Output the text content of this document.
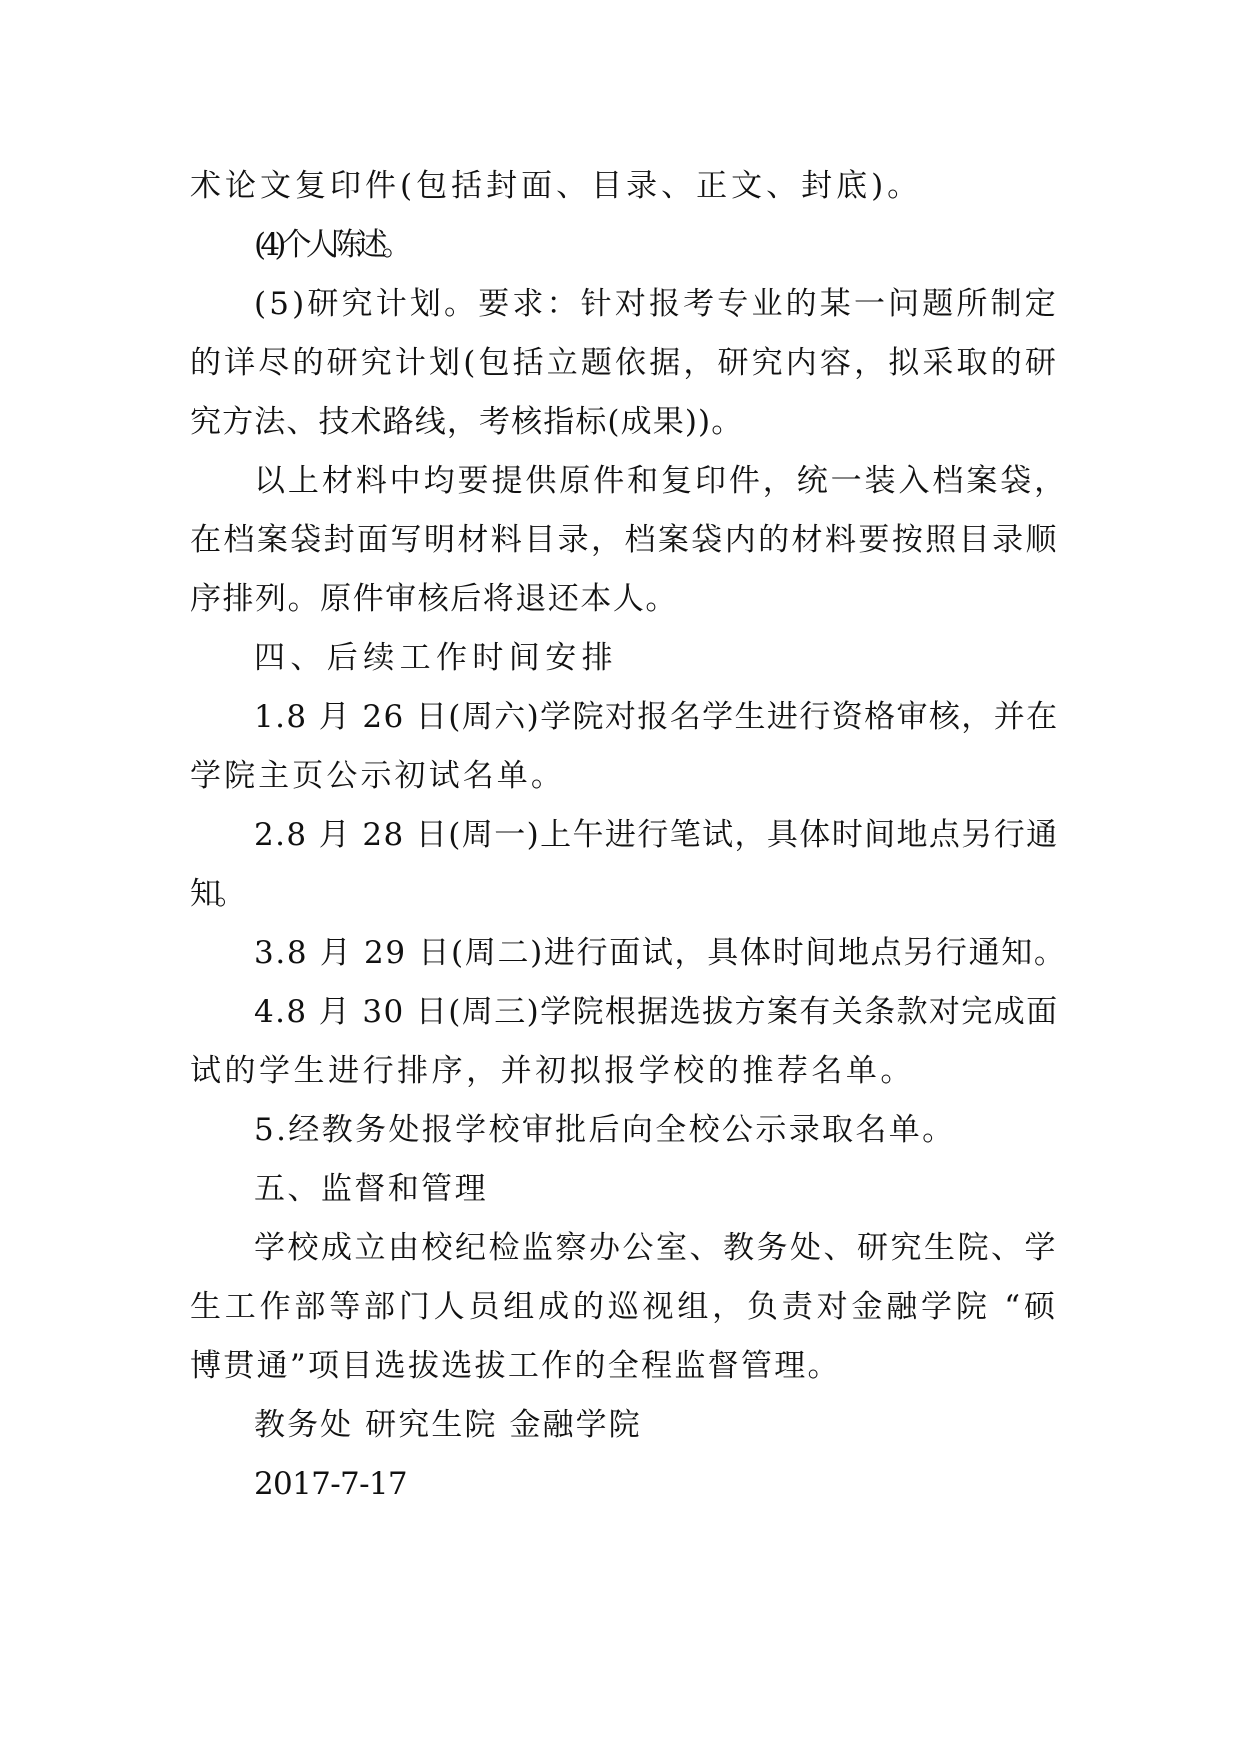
术论文复印件(包括封面、目录、正文、封底)。
(4)个人陈述。
(5)研究计划。要求：针对报考专业的某一问题所制定
的详尽的研究计划(包括立题依据，研究内容，拟采取的研
究方法、技术路线，考核指标(成果))。
以上材料中均要提供原件和复印件，统一装入档案袋，
在档案袋封面写明材料目录，档案袋内的材料要按照目录顺
序排列。原件审核后将退还本人。
四、后续工作时间安排
1.8 月 26 日(周六)学院对报名学生进行资格审核，并在
学院主页公示初试名单。
2.8 月 28 日(周一)上午进行笔试，具体时间地点另行通
知。
3.8 月 29 日(周二)进行面试，具体时间地点另行通知。
4.8 月 30 日(周三)学院根据选拔方案有关条款对完成面
试的学生进行排序，并初拟报学校的推荐名单。
5.经教务处报学校审批后向全校公示录取名单。
五、监督和管理
学校成立由校纪检监察办公室、教务处、研究生院、学
生工作部等部门人员组成的巡视组，负责对金融学院 “硕
博贯通”项目选拔选拔工作的全程监督管理。
教务处 研究生院 金融学院
2017-7-17
